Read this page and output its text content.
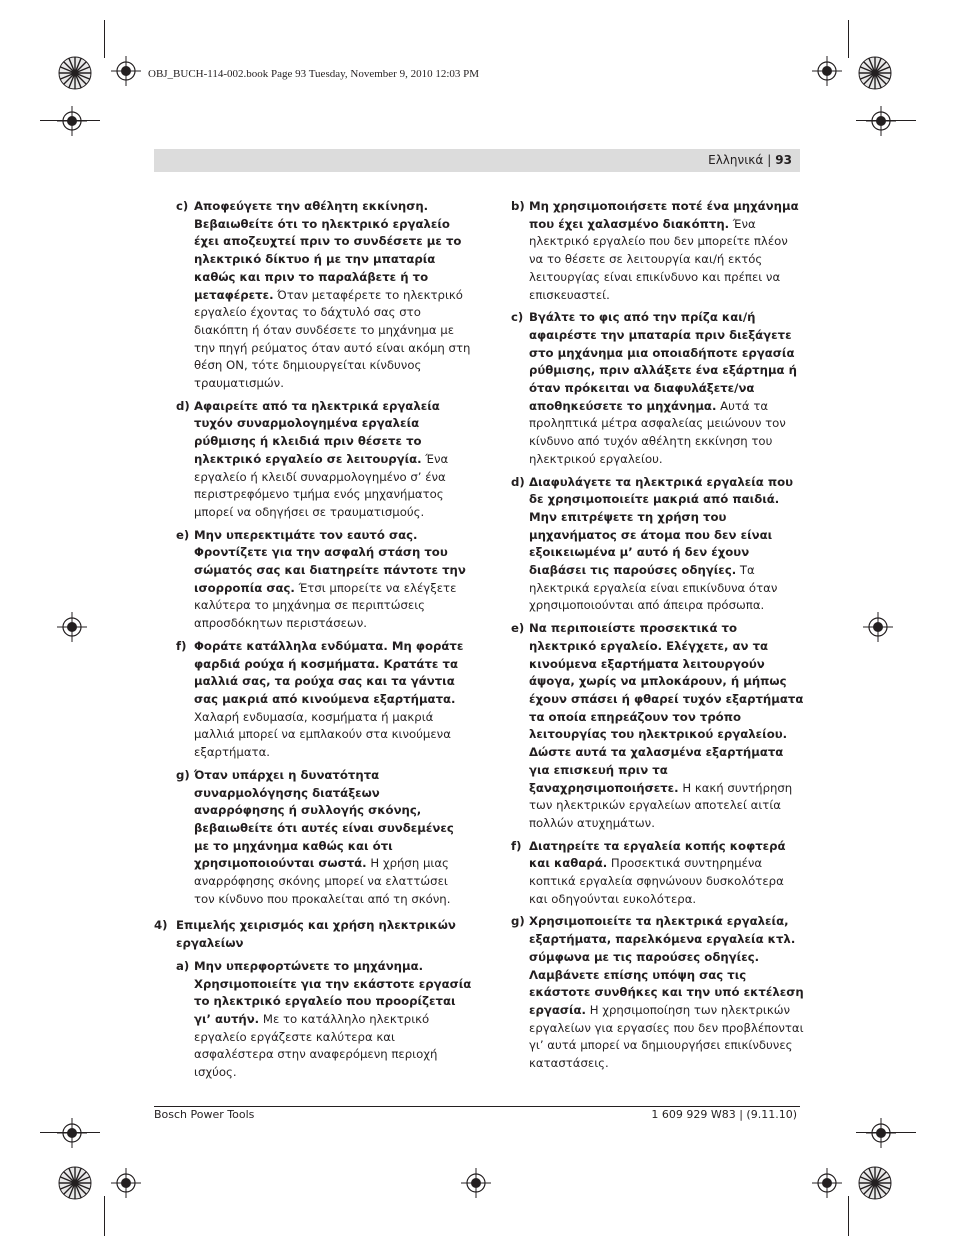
OBJ_BUCH-114-002.book Page 93 Tuesday, November 9, 2010 12:03 PM
Ελληνικά | 93
c) Αποφεύγετε την αθέλητη εκκίνηση. Βεβαιωθείτε ότι το ηλεκτρικό εργαλείο έχει αποζευχτεί πριν το συνδέσετε με το ηλεκτρικό δίκτυο ή με την μπαταρία καθώς και πριν το παραλάβετε ή το μεταφέρετε. Όταν μεταφέρετε το ηλεκτρικό εργαλείο έχοντας το δάχτυλό σας στο διακόπτη ή όταν συνδέσετε το μηχάνημα με την πηγή ρεύματος όταν αυτό είναι ακόμη στη θέση ON, τότε δημιουργείται κίνδυνος τραυματισμών.
d) Αφαιρείτε από τα ηλεκτρικά εργαλεία τυχόν συναρμολογημένα εργαλεία ρύθμισης ή κλειδιά πριν θέσετε το ηλεκτρικό εργαλείο σε λειτουργία. Ένα εργαλείο ή κλειδί συναρμολογημένο σ’ ένα περιστρεφόμενο τμήμα ενός μηχανήματος μπορεί να οδηγήσει σε τραυματισμούς.
e) Μην υπερεκτιμάτε τον εαυτό σας. Φροντίζετε για την ασφαλή στάση του σώματός σας και διατηρείτε πάντοτε την ισορροπία σας. Έτσι μπορείτε να ελέγξετε καλύτερα το μηχάνημα σε περιπτώσεις απροσδόκητων περιστάσεων.
f) Φοράτε κατάλληλα ενδύματα. Μη φοράτε φαρδιά ρούχα ή κοσμήματα. Κρατάτε τα μαλλιά σας, τα ρούχα σας και τα γάντια σας μακριά από κινούμενα εξαρτήματα. Χαλαρή ενδυμασία, κοσμήματα ή μακριά μαλλιά μπορεί να εμπλακούν στα κινούμενα εξαρτήματα.
g) Όταν υπάρχει η δυνατότητα συναρμολόγησης διατάξεων αναρρόφησης ή συλλογής σκόνης, βεβαιωθείτε ότι αυτές είναι συνδεμένες με το μηχάνημα καθώς και ότι χρησιμοποιούνται σωστά. Η χρήση μιας αναρρόφησης σκόνης μπορεί να ελαττώσει τον κίνδυνο που προκαλείται από τη σκόνη.
4) Επιμελής χειρισμός και χρήση ηλεκτρικών εργαλείων
a) Μην υπερφορτώνετε το μηχάνημα. Χρησιμοποιείτε για την εκάστοτε εργασία το ηλεκτρικό εργαλείο που προορίζεται γι’ αυτήν. Με το κατάλληλο ηλεκτρικό εργαλείο εργάζεστε καλύτερα και ασφαλέστερα στην αναφερόμενη περιοχή ισχύος.
b) Μη χρησιμοποιήσετε ποτέ ένα μηχάνημα που έχει χαλασμένο διακόπτη. Ένα ηλεκτρικό εργαλείο που δεν μπορείτε πλέον να το θέσετε σε λειτουργία και/ή εκτός λειτουργίας είναι επικίνδυνο και πρέπει να επισκευαστεί.
c) Βγάλτε το φις από την πρίζα και/ή αφαιρέστε την μπαταρία πριν διεξάγετε στο μηχάνημα μια οποιαδήποτε εργασία ρύθμισης, πριν αλλάξετε ένα εξάρτημα ή όταν πρόκειται να διαφυλάξετε/να αποθηκεύσετε το μηχάνημα. Αυτά τα προληπτικά μέτρα ασφαλείας μειώνουν τον κίνδυνο από τυχόν αθέλητη εκκίνηση του ηλεκτρικού εργαλείου.
d) Διαφυλάγετε τα ηλεκτρικά εργαλεία που δε χρησιμοποιείτε μακριά από παιδιά. Μην επιτρέψετε τη χρήση του μηχανήματος σε άτομα που δεν είναι εξοικειωμένα μ’ αυτό ή δεν έχουν διαβάσει τις παρούσες οδηγίες. Τα ηλεκτρικά εργαλεία είναι επικίνδυνα όταν χρησιμοποιούνται από άπειρα πρόσωπα.
e) Να περιποιείστε προσεκτικά το ηλεκτρικό εργαλείο. Ελέγχετε, αν τα κινούμενα εξαρτήματα λειτουργούν άψογα, χωρίς να μπλοκάρουν, ή μήπως έχουν σπάσει ή φθαρεί τυχόν εξαρτήματα τα οποία επηρεάζουν τον τρόπο λειτουργίας του ηλεκτρικού εργαλείου. Δώστε αυτά τα χαλασμένα εξαρτήματα για επισκευή πριν τα ξαναχρησιμοποιήσετε. Η κακή συντήρηση των ηλεκτρικών εργαλείων αποτελεί αιτία πολλών ατυχημάτων.
f) Διατηρείτε τα εργαλεία κοπής κοφτερά και καθαρά. Προσεκτικά συντηρημένα κοπτικά εργαλεία σφηνώνουν δυσκολότερα και οδηγούνται ευκολότερα.
g) Χρησιμοποιείτε τα ηλεκτρικά εργαλεία, εξαρτήματα, παρελκόμενα εργαλεία κτλ. σύμφωνα με τις παρούσες οδηγίες. Λαμβάνετε επίσης υπόψη σας τις εκάστοτε συνθήκες και την υπό εκτέλεση εργασία. Η χρησιμοποίηση των ηλεκτρικών εργαλείων για εργασίες που δεν προβλέπονται γι’ αυτά μπορεί να δημιουργήσει επικίνδυνες καταστάσεις.
Bosch Power Tools	1 609 929 W83 | (9.11.10)
